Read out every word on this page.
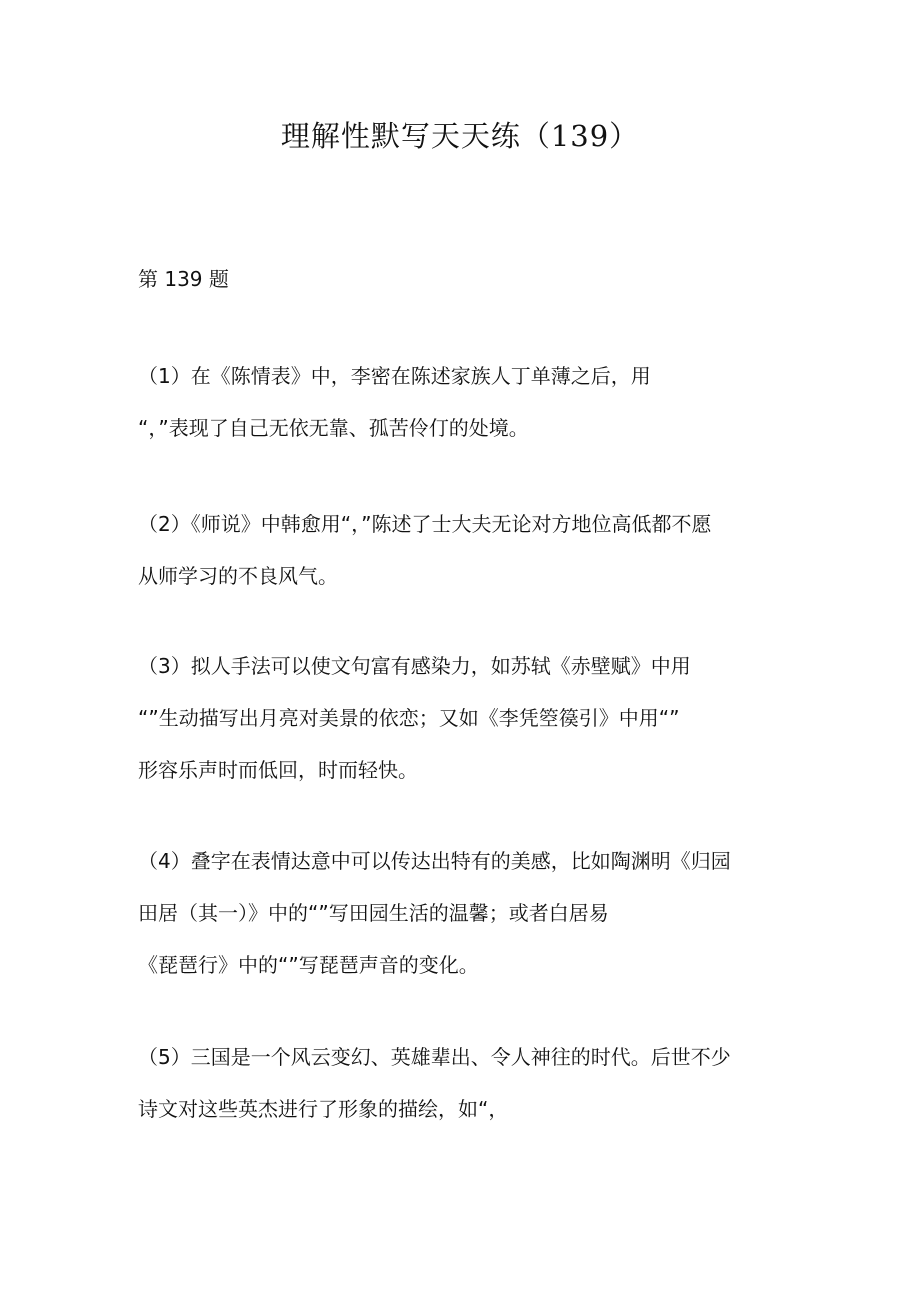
理解性默写天天练（139）
第 139 题
（1）在《陈情表》中，李密在陈述家族人丁单薄之后，用
“，”表现了自己无依无靠、孤苦伶仃的处境。
（2）《师说》中韩愈用“，”陈述了士大夫无论对方地位高低都不愿
从师学习的不良风气。
（3）拟人手法可以使文句富有感染力，如苏轼《赤壁赋》中用
“”生动描写出月亮对美景的依恋；又如《李凭箜篌引》中用“”
形容乐声时而低回，时而轻快。
（4）叠字在表情达意中可以传达出特有的美感，比如陶渊明《归园
田居（其一）》中的“”写田园生活的温馨；或者白居易
《琵琶行》中的“”写琵琶声音的变化。
（5）三国是一个风云变幻、英雄辈出、令人神往的时代。后世不少
诗文对这些英杰进行了形象的描绘，如“，
